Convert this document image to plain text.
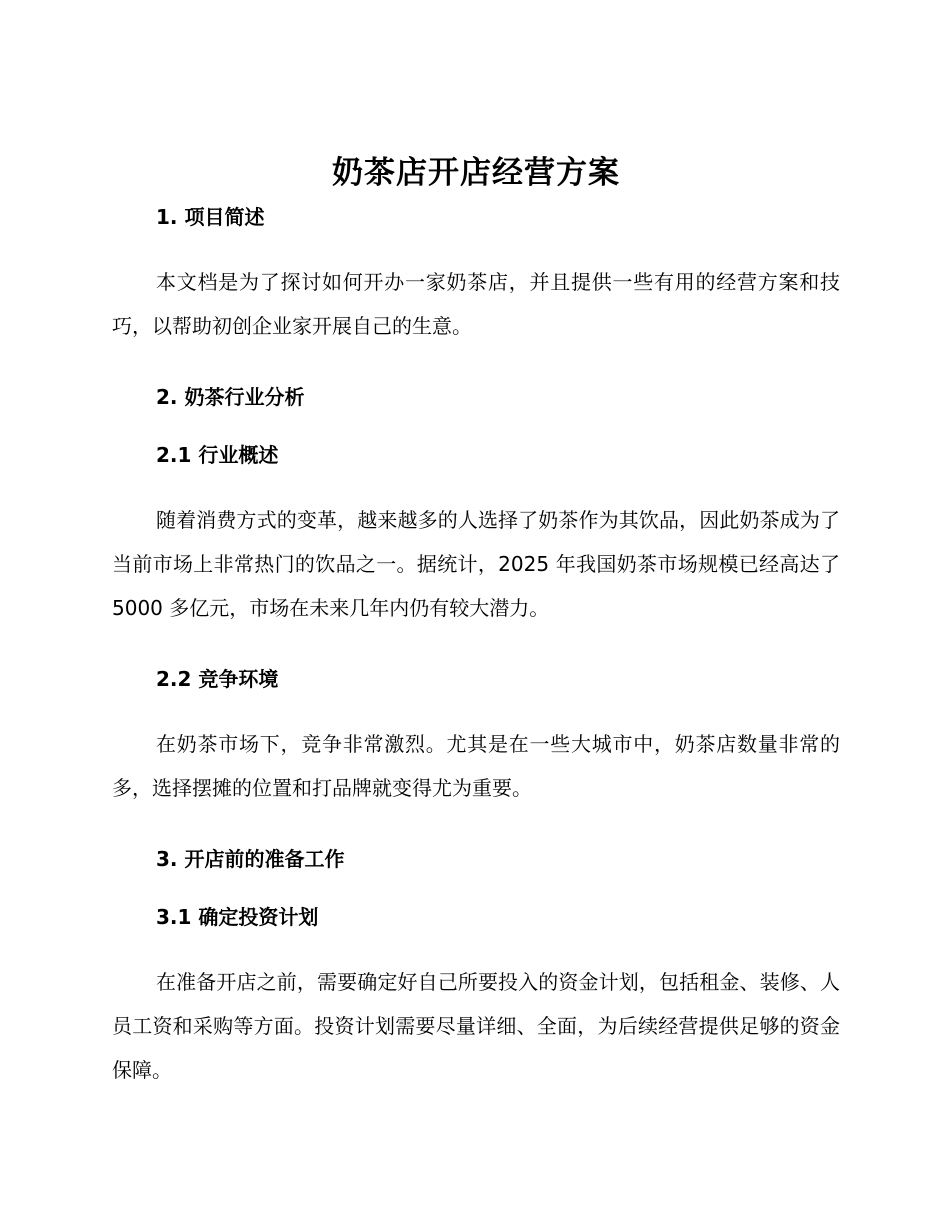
奶茶店开店经营方案
1. 项目简述

本文档是为了探讨如何开办一家奶茶店，并且提供一些有用的经营方案和技巧，以帮助初创企业家开展自己的生意。

2. 奶茶行业分析
2.1 行业概述

随着消费方式的变革，越来越多的人选择了奶茶作为其饮品，因此奶茶成为了当前市场上非常热门的饮品之一。据统计，2025 年我国奶茶市场规模已经高达了 5000 多亿元，市场在未来几年内仍有较大潜力。

2.2 竞争环境

在奶茶市场下，竞争非常激烈。尤其是在一些大城市中，奶茶店数量非常的多，选择摆摊的位置和打品牌就变得尤为重要。

3. 开店前的准备工作
3.1 确定投资计划

在准备开店之前，需要确定好自己所要投入的资金计划，包括租金、装修、人员工资和采购等方面。投资计划需要尽量详细、全面，为后续经营提供足够的资金保障。
